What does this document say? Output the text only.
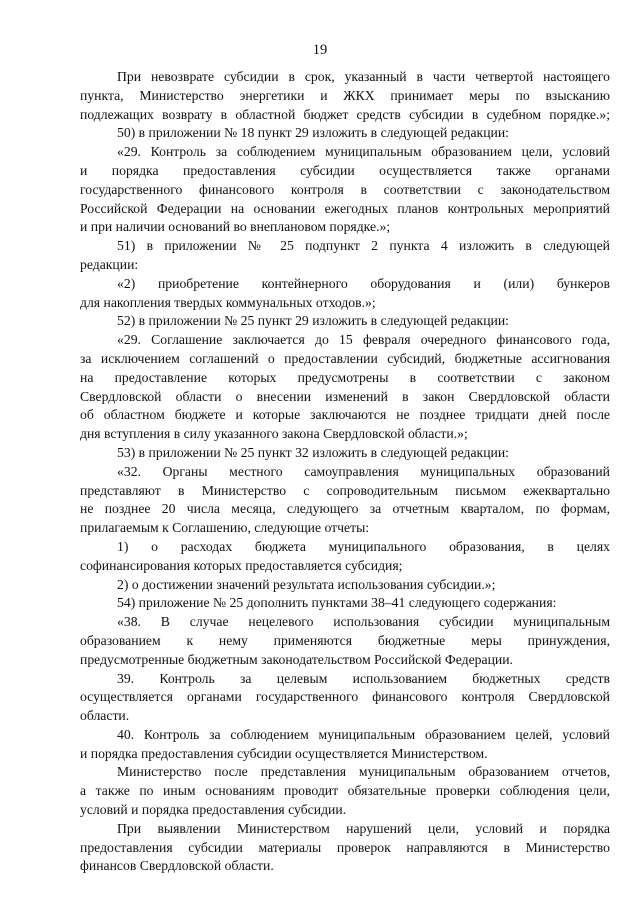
19
При невозврате субсидии в срок, указанный в части четвертой настоящего
пункта, Министерство энергетики и ЖКХ принимает меры по взысканию
подлежащих возврату в областной бюджет средств субсидии в судебном порядке.»;
50) в приложении № 18 пункт 29 изложить в следующей редакции:
«29. Контроль за соблюдением муниципальным образованием цели, условий
и порядка предоставления субсидии осуществляется также органами
государственного финансового контроля в соответствии с законодательством
Российской Федерации на основании ежегодных планов контрольных мероприятий
и при наличии оснований во внеплановом порядке.»;
51) в приложении № 25 подпункт 2 пункта 4 изложить в следующей
редакции:
«2) приобретение контейнерного оборудования и (или) бункеров
для накопления твердых коммунальных отходов.»;
52) в приложении № 25 пункт 29 изложить в следующей редакции:
«29. Соглашение заключается до 15 февраля очередного финансового года,
за исключением соглашений о предоставлении субсидий, бюджетные ассигнования
на предоставление которых предусмотрены в соответствии с законом
Свердловской области о внесении изменений в закон Свердловской области
об областном бюджете и которые заключаются не позднее тридцати дней после
дня вступления в силу указанного закона Свердловской области.»;
53) в приложении № 25 пункт 32 изложить в следующей редакции:
«32. Органы местного самоуправления муниципальных образований
представляют в Министерство с сопроводительным письмом ежеквартально
не позднее 20 числа месяца, следующего за отчетным кварталом, по формам,
прилагаемым к Соглашению, следующие отчеты:
1) о расходах бюджета муниципального образования, в целях
софинансирования которых предоставляется субсидия;
2) о достижении значений результата использования субсидии.»;
54) приложение № 25 дополнить пунктами 38–41 следующего содержания:
«38. В случае нецелевого использования субсидии муниципальным
образованием к нему применяются бюджетные меры принуждения,
предусмотренные бюджетным законодательством Российской Федерации.
39. Контроль за целевым использованием бюджетных средств
осуществляется органами государственного финансового контроля Свердловской
области.
40. Контроль за соблюдением муниципальным образованием целей, условий
и порядка предоставления субсидии осуществляется Министерством.
Министерство после представления муниципальным образованием отчетов,
а также по иным основаниям проводит обязательные проверки соблюдения цели,
условий и порядка предоставления субсидии.
При выявлении Министерством нарушений цели, условий и порядка
предоставления субсидии материалы проверок направляются в Министерство
финансов Свердловской области.
